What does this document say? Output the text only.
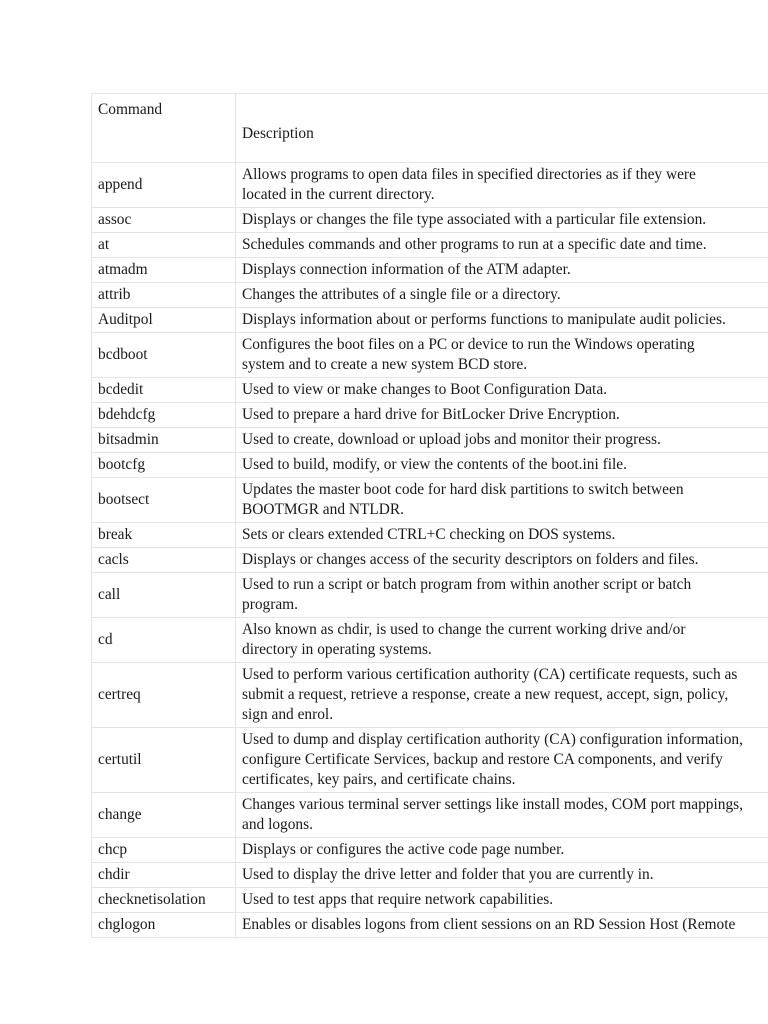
Command	Description
append	Allows programs to open data files in specified directories as if they were
located in the current directory.

assoc	Displays or changes the file type associated with a particular file extension.

at	Schedules commands and other programs to run at a specific date and time.

atmadm	Displays connection information of the ATM adapter.

attrib	Changes the attributes of a single file or a directory.

Auditpol	Displays information about or performs functions to manipulate audit policies.

bcdboot	Configures the boot files on a PC or device to run the Windows operating
system and to create a new system BCD store.

bcdedit	Used to view or make changes to Boot Configuration Data.

bdehdcfg	Used to prepare a hard drive for BitLocker Drive Encryption.

bitsadmin	Used to create, download or upload jobs and monitor their progress.

bootcfg	Used to build, modify, or view the contents of the boot.ini file.

bootsect	Updates the master boot code for hard disk partitions to switch between
BOOTMGR and NTLDR.

break	Sets or clears extended CTRL+C checking on DOS systems.

cacls	Displays or changes access of the security descriptors on folders and files.

call	Used to run a script or batch program from within another script or batch
program.

cd	Also known as chdir, is used to change the current working drive and/or
directory in operating systems.

certreq	Used to perform various certification authority (CA) certificate requests, such as
submit a request, retrieve a response, create a new request, accept, sign, policy,
sign and enrol.

certutil	Used to dump and display certification authority (CA) configuration information,
configure Certificate Services, backup and restore CA components, and verify
certificates, key pairs, and certificate chains.

change	Changes various terminal server settings like install modes, COM port mappings,
and logons.

chcp	Displays or configures the active code page number.

chdir	Used to display the drive letter and folder that you are currently in.

checknetisolation	Used to test apps that require network capabilities.

chglogon	Enables or disables logons from client sessions on an RD Session Host (Remote
